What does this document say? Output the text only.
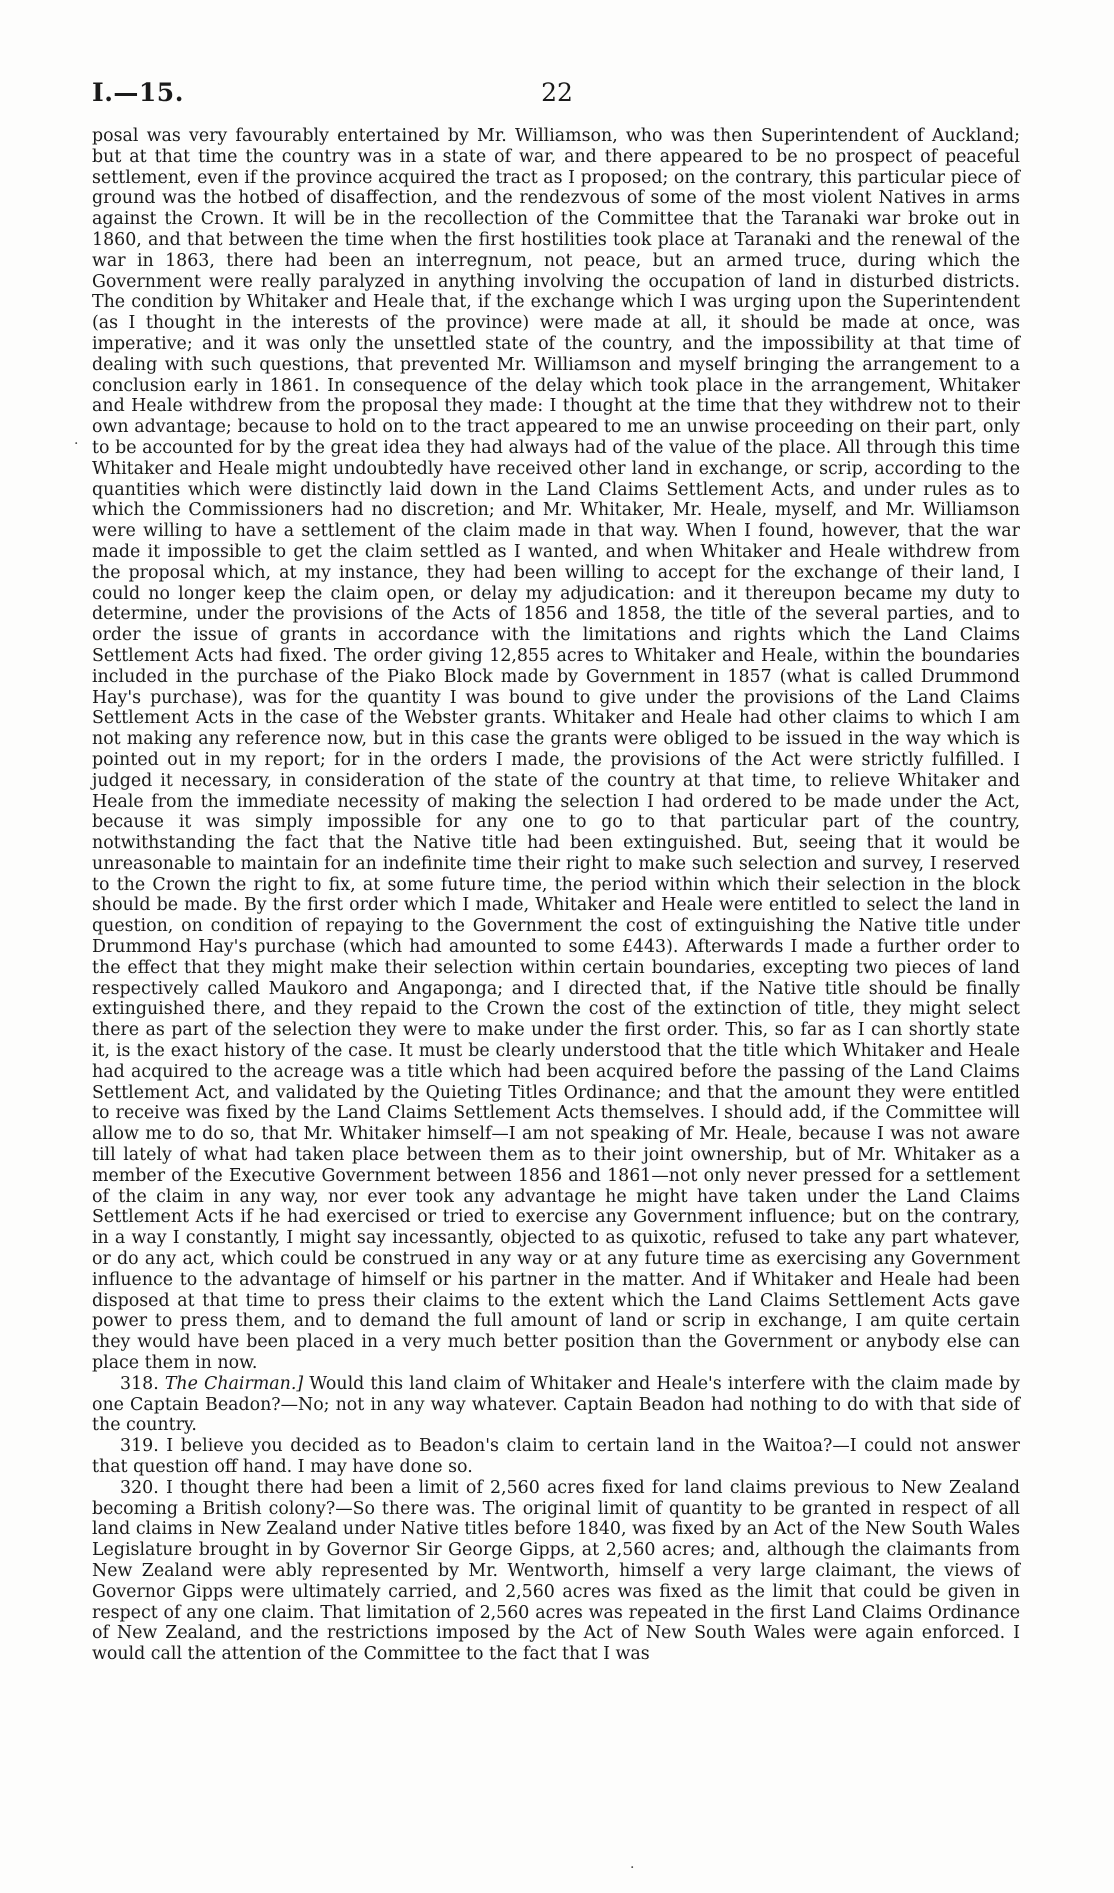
I.—15.	22

posal was very favourably entertained by Mr. Williamson, who was then Superintendent of Auckland; but at that time the country was in a state of war, and there appeared to be no prospect of peaceful settlement, even if the province acquired the tract as I proposed; on the contrary, this particular piece of ground was the hotbed of disaffection, and the rendezvous of some of the most violent Natives in arms against the Crown. It will be in the recollection of the Committee that the Taranaki war broke out in 1860, and that between the time when the first hostilities took place at Taranaki and the renewal of the war in 1863, there had been an interregnum, not peace, but an armed truce, during which the Government were really paralyzed in anything involving the occupation of land in disturbed districts. The condition by Whitaker and Heale that, if the exchange which I was urging upon the Superintendent (as I thought in the interests of the province) were made at all, it should be made at once, was imperative; and it was only the unsettled state of the country, and the impossibility at that time of dealing with such questions, that prevented Mr. Williamson and myself bringing the arrangement to a conclusion early in 1861. In consequence of the delay which took place in the arrangement, Whitaker and Heale withdrew from the proposal they made: I thought at the time that they withdrew not to their own advantage; because to hold on to the tract appeared to me an unwise proceeding on their part, only to be accounted for by the great idea they had always had of the value of the place. All through this time Whitaker and Heale might undoubtedly have received other land in exchange, or scrip, according to the quantities which were distinctly laid down in the Land Claims Settlement Acts, and under rules as to which the Commissioners had no discretion; and Mr. Whitaker, Mr. Heale, myself, and Mr. Williamson were willing to have a settlement of the claim made in that way. When I found, however, that the war made it impossible to get the claim settled as I wanted, and when Whitaker and Heale withdrew from the proposal which, at my instance, they had been willing to accept for the exchange of their land, I could no longer keep the claim open, or delay my adjudication: and it thereupon became my duty to determine, under the provisions of the Acts of 1856 and 1858, the title of the several parties, and to order the issue of grants in accordance with the limitations and rights which the Land Claims Settlement Acts had fixed. The order giving 12,855 acres to Whitaker and Heale, within the boundaries included in the purchase of the Piako Block made by Government in 1857 (what is called Drummond Hay's purchase), was for the quantity I was bound to give under the provisions of the Land Claims Settlement Acts in the case of the Webster grants. Whitaker and Heale had other claims to which I am not making any reference now, but in this case the grants were obliged to be issued in the way which is pointed out in my report; for in the orders I made, the provisions of the Act were strictly fulfilled. I judged it necessary, in consideration of the state of the country at that time, to relieve Whitaker and Heale from the immediate necessity of making the selection I had ordered to be made under the Act, because it was simply impossible for any one to go to that particular part of the country, notwithstanding the fact that the Native title had been extinguished. But, seeing that it would be unreasonable to maintain for an indefinite time their right to make such selection and survey, I reserved to the Crown the right to fix, at some future time, the period within which their selection in the block should be made. By the first order which I made, Whitaker and Heale were entitled to select the land in question, on condition of repaying to the Government the cost of extinguishing the Native title under Drummond Hay's purchase (which had amounted to some £443). Afterwards I made a further order to the effect that they might make their selection within certain boundaries, excepting two pieces of land respectively called Maukoro and Angaponga; and I directed that, if the Native title should be finally extinguished there, and they repaid to the Crown the cost of the extinction of title, they might select there as part of the selection they were to make under the first order. This, so far as I can shortly state it, is the exact history of the case. It must be clearly understood that the title which Whitaker and Heale had acquired to the acreage was a title which had been acquired before the passing of the Land Claims Settlement Act, and validated by the Quieting Titles Ordinance; and that the amount they were entitled to receive was fixed by the Land Claims Settlement Acts themselves. I should add, if the Committee will allow me to do so, that Mr. Whitaker himself—I am not speaking of Mr. Heale, because I was not aware till lately of what had taken place between them as to their joint ownership, but of Mr. Whitaker as a member of the Executive Government between 1856 and 1861—not only never pressed for a settlement of the claim in any way, nor ever took any advantage he might have taken under the Land Claims Settlement Acts if he had exercised or tried to exercise any Government influence; but on the contrary, in a way I constantly, I might say incessantly, objected to as quixotic, refused to take any part whatever, or do any act, which could be construed in any way or at any future time as exercising any Government influence to the advantage of himself or his partner in the matter. And if Whitaker and Heale had been disposed at that time to press their claims to the extent which the Land Claims Settlement Acts gave power to press them, and to demand the full amount of land or scrip in exchange, I am quite certain they would have been placed in a very much better position than the Government or anybody else can place them in now.

318. The Chairman.] Would this land claim of Whitaker and Heale's interfere with the claim made by one Captain Beadon?—No; not in any way whatever. Captain Beadon had nothing to do with that side of the country.

319. I believe you decided as to Beadon's claim to certain land in the Waitoa?—I could not answer that question off hand. I may have done so.

320. I thought there had been a limit of 2,560 acres fixed for land claims previous to New Zealand becoming a British colony?—So there was. The original limit of quantity to be granted in respect of all land claims in New Zealand under Native titles before 1840, was fixed by an Act of the New South Wales Legislature brought in by Governor Sir George Gipps, at 2,560 acres; and, although the claimants from New Zealand were ably represented by Mr. Wentworth, himself a very large claimant, the views of Governor Gipps were ultimately carried, and 2,560 acres was fixed as the limit that could be given in respect of any one claim. That limitation of 2,560 acres was repeated in the first Land Claims Ordinance of New Zealand, and the restrictions imposed by the Act of New South Wales were again enforced. I would call the attention of the Committee to the fact that I was

·
·
